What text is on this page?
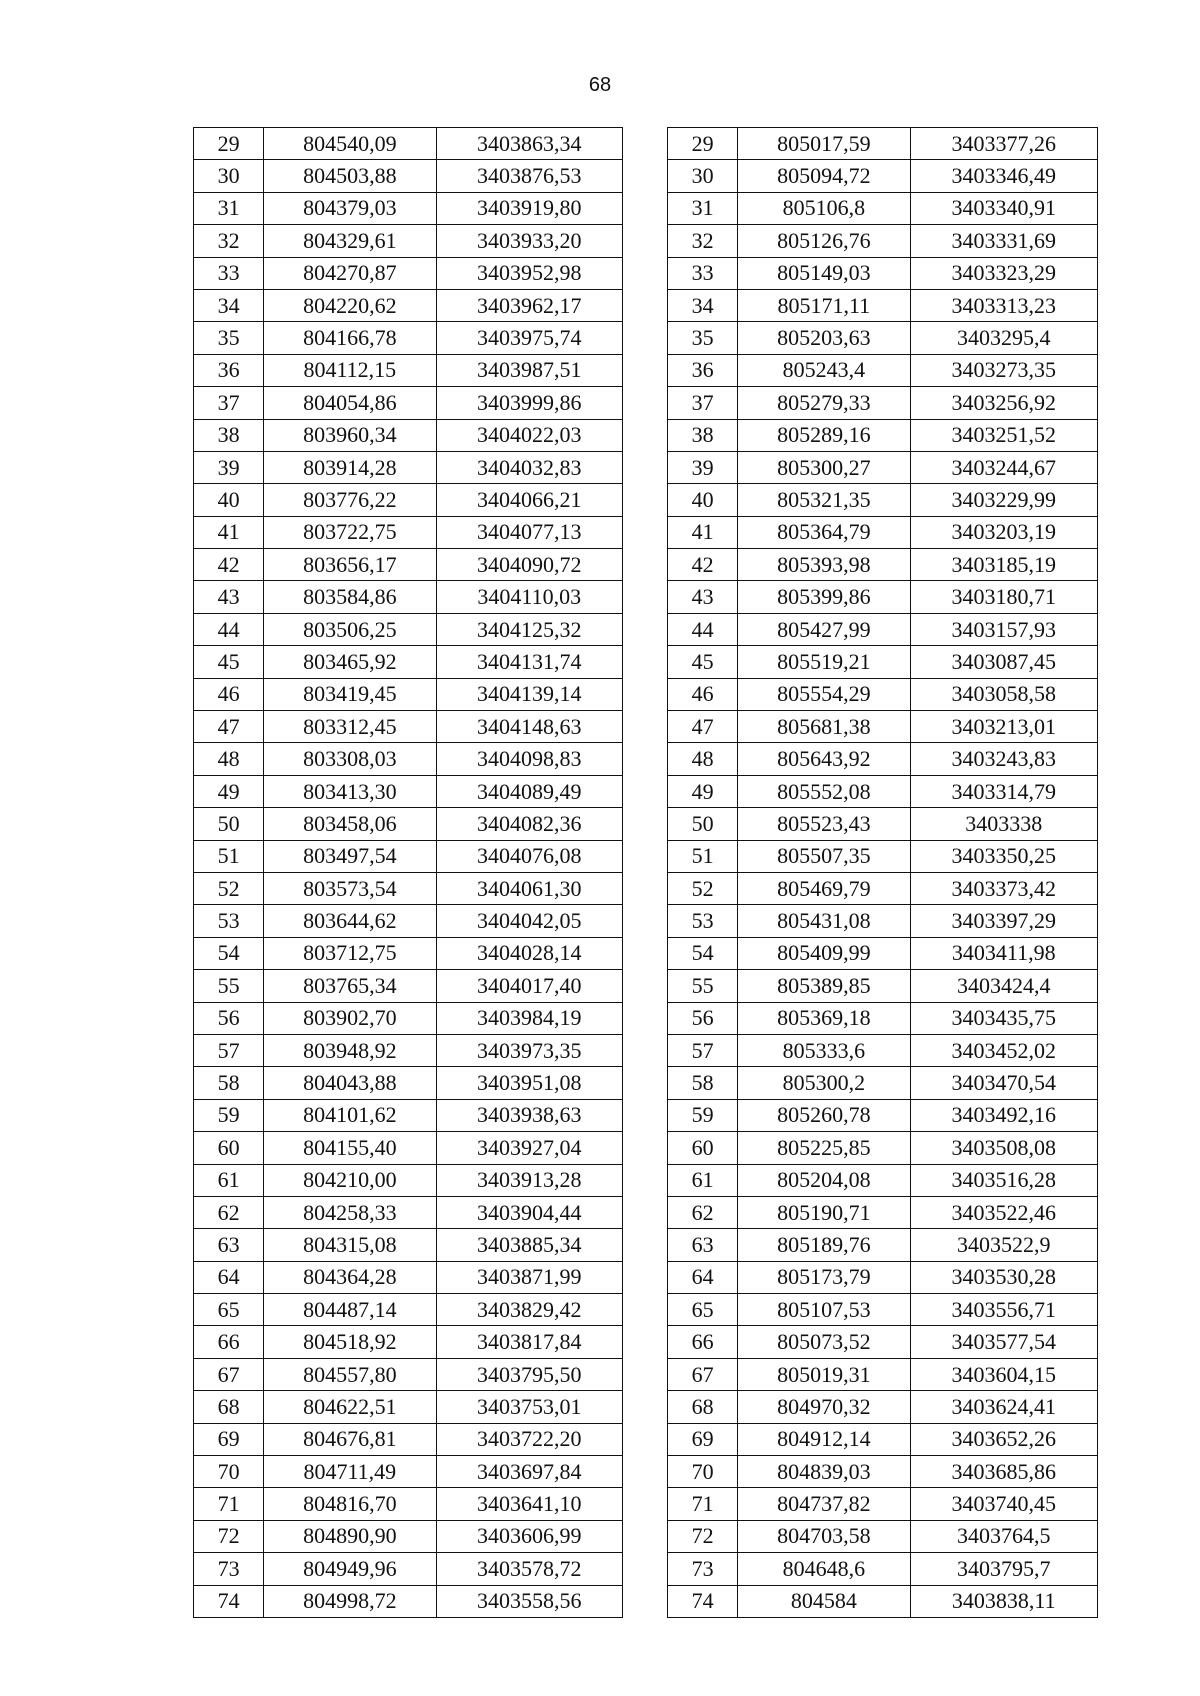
68
29	804540,09	3403863,34
30	804503,88	3403876,53
31	804379,03	3403919,80
32	804329,61	3403933,20
33	804270,87	3403952,98
34	804220,62	3403962,17
35	804166,78	3403975,74
36	804112,15	3403987,51
37	804054,86	3403999,86
38	803960,34	3404022,03
39	803914,28	3404032,83
40	803776,22	3404066,21
41	803722,75	3404077,13
42	803656,17	3404090,72
43	803584,86	3404110,03
44	803506,25	3404125,32
45	803465,92	3404131,74
46	803419,45	3404139,14
47	803312,45	3404148,63
48	803308,03	3404098,83
49	803413,30	3404089,49
50	803458,06	3404082,36
51	803497,54	3404076,08
52	803573,54	3404061,30
53	803644,62	3404042,05
54	803712,75	3404028,14
55	803765,34	3404017,40
56	803902,70	3403984,19
57	803948,92	3403973,35
58	804043,88	3403951,08
59	804101,62	3403938,63
60	804155,40	3403927,04
61	804210,00	3403913,28
62	804258,33	3403904,44
63	804315,08	3403885,34
64	804364,28	3403871,99
65	804487,14	3403829,42
66	804518,92	3403817,84
67	804557,80	3403795,50
68	804622,51	3403753,01
69	804676,81	3403722,20
70	804711,49	3403697,84
71	804816,70	3403641,10
72	804890,90	3403606,99
73	804949,96	3403578,72
74	804998,72	3403558,56
29	805017,59	3403377,26
30	805094,72	3403346,49
31	805106,8	3403340,91
32	805126,76	3403331,69
33	805149,03	3403323,29
34	805171,11	3403313,23
35	805203,63	3403295,4
36	805243,4	3403273,35
37	805279,33	3403256,92
38	805289,16	3403251,52
39	805300,27	3403244,67
40	805321,35	3403229,99
41	805364,79	3403203,19
42	805393,98	3403185,19
43	805399,86	3403180,71
44	805427,99	3403157,93
45	805519,21	3403087,45
46	805554,29	3403058,58
47	805681,38	3403213,01
48	805643,92	3403243,83
49	805552,08	3403314,79
50	805523,43	3403338
51	805507,35	3403350,25
52	805469,79	3403373,42
53	805431,08	3403397,29
54	805409,99	3403411,98
55	805389,85	3403424,4
56	805369,18	3403435,75
57	805333,6	3403452,02
58	805300,2	3403470,54
59	805260,78	3403492,16
60	805225,85	3403508,08
61	805204,08	3403516,28
62	805190,71	3403522,46
63	805189,76	3403522,9
64	805173,79	3403530,28
65	805107,53	3403556,71
66	805073,52	3403577,54
67	805019,31	3403604,15
68	804970,32	3403624,41
69	804912,14	3403652,26
70	804839,03	3403685,86
71	804737,82	3403740,45
72	804703,58	3403764,5
73	804648,6	3403795,7
74	804584	3403838,11
